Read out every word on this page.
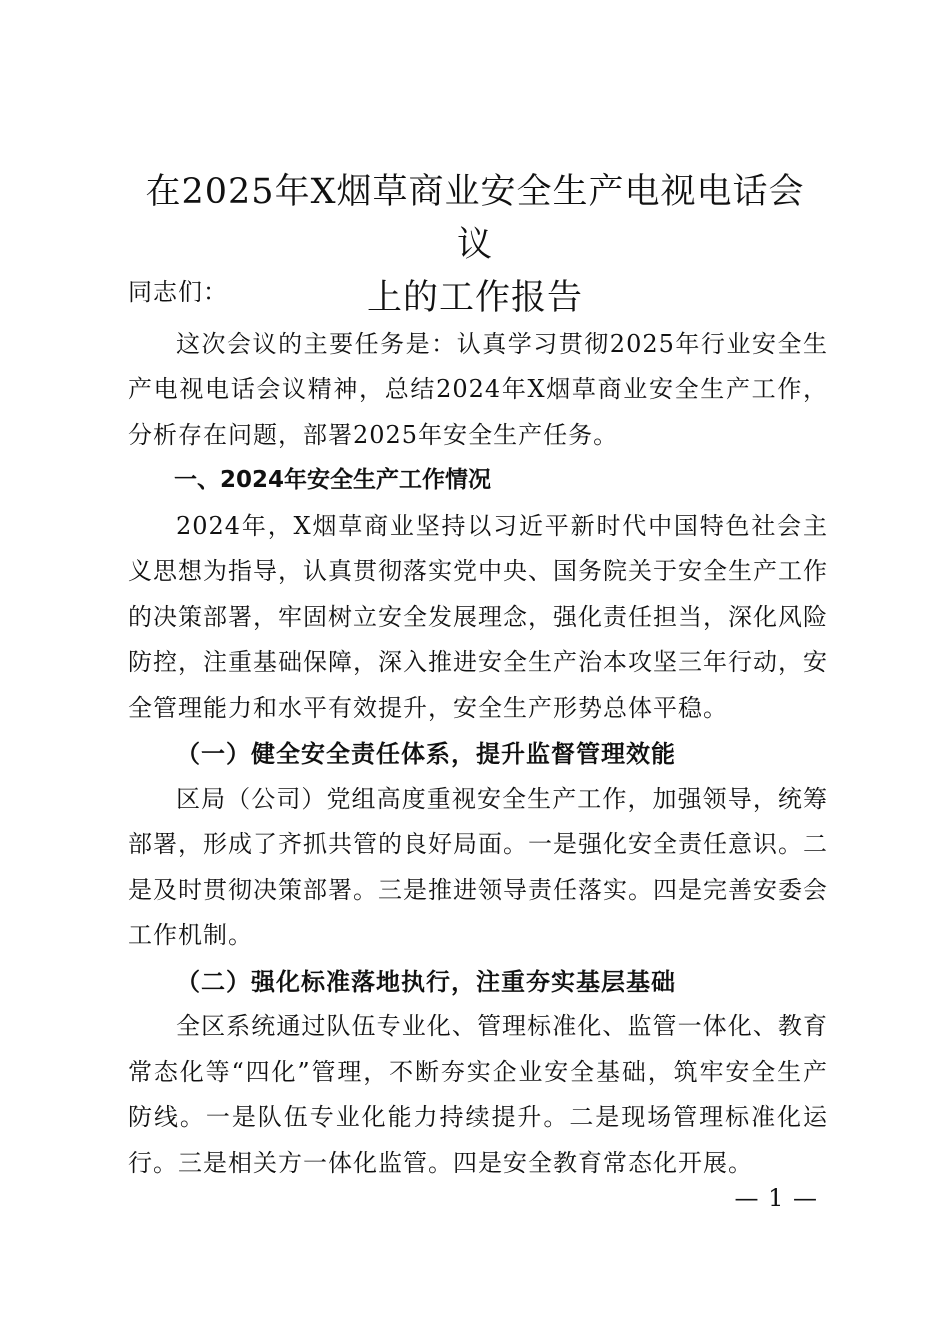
在2025年X烟草商业安全生产电视电话会议
上的工作报告

同志们：

这次会议的主要任务是：认真学习贯彻2025年行业安全生产电视电话会议精神，总结2024年X烟草商业安全生产工作，分析存在问题，部署2025年安全生产任务。

一、2024年安全生产工作情况

2024年，X烟草商业坚持以习近平新时代中国特色社会主义思想为指导，认真贯彻落实党中央、国务院关于安全生产工作的决策部署，牢固树立安全发展理念，强化责任担当，深化风险防控，注重基础保障，深入推进安全生产治本攻坚三年行动，安全管理能力和水平有效提升，安全生产形势总体平稳。

（一）健全安全责任体系，提升监督管理效能

区局（公司）党组高度重视安全生产工作，加强领导，统筹部署，形成了齐抓共管的良好局面。一是强化安全责任意识。二是及时贯彻决策部署。三是推进领导责任落实。四是完善安委会工作机制。

（二）强化标准落地执行，注重夯实基层基础

全区系统通过队伍专业化、管理标准化、监管一体化、教育常态化等“四化”管理，不断夯实企业安全基础，筑牢安全生产防线。一是队伍专业化能力持续提升。二是现场管理标准化运行。三是相关方一体化监管。四是安全教育常态化开展。

— 1 —
